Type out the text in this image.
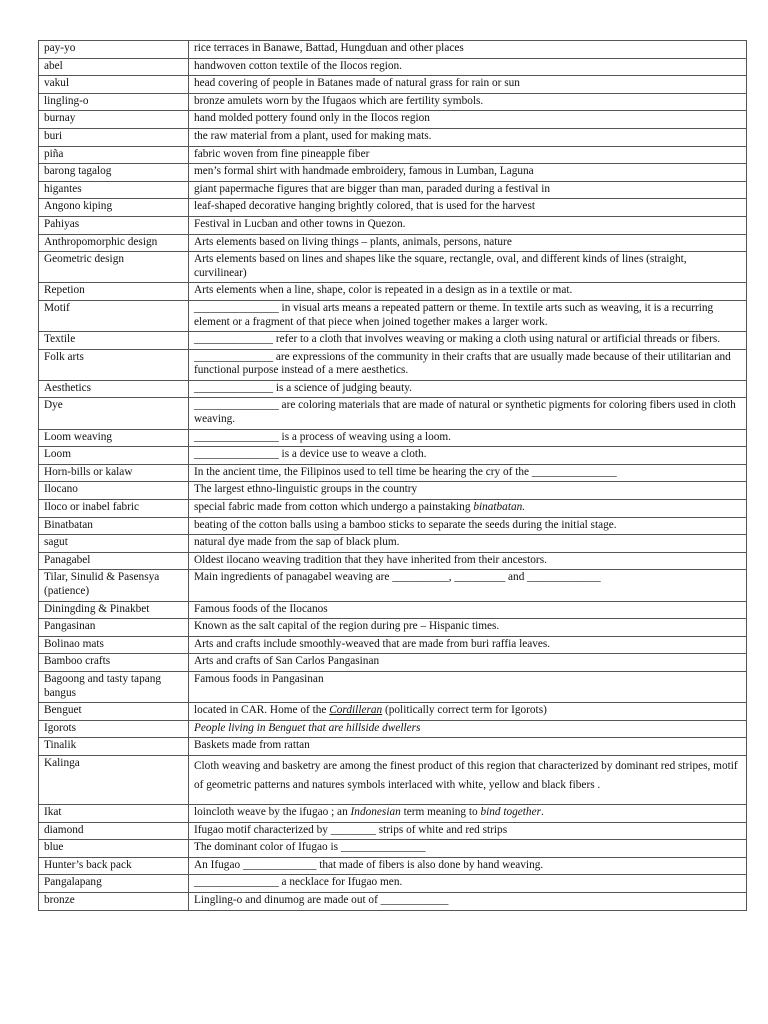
pay-yo	rice terraces in Banawe, Battad, Hungduan and other places
abel	handwoven cotton textile of the Ilocos region.
vakul	head covering of people in Batanes made of natural grass for rain or sun
lingling-o	bronze amulets worn by the Ifugaos which are fertility symbols.
burnay	hand molded pottery found only in the Ilocos region
buri	the raw material from a plant, used for making mats.
piña	fabric woven from fine pineapple fiber
barong tagalog	men’s formal shirt with handmade embroidery, famous in Lumban, Laguna
higantes	giant papermache figures that are bigger than man, paraded during a festival in
Angono kiping	leaf-shaped decorative hanging brightly colored, that is used for the harvest
Pahiyas	Festival in Lucban and other towns in Quezon.
Anthropomorphic design	Arts elements based on living things – plants, animals, persons, nature
Geometric design	Arts elements based on lines and shapes like the square, rectangle, oval, and different kinds of lines (straight, curvilinear)
Repetion	Arts elements when a line, shape, color is repeated in a design as in a textile or mat.
Motif	_______________ in visual arts means a repeated pattern or theme. In textile arts such as weaving, it is a recurring element or a fragment of that piece when joined together makes a larger work.
Textile	______________ refer to a cloth that involves weaving or making a cloth using natural or artificial threads or fibers.
Folk arts	______________ are expressions of the community in their crafts that are usually made because of their utilitarian and functional purpose instead of a mere aesthetics.
Aesthetics	______________ is a science of judging beauty.
Dye	_______________ are coloring materials that are made of natural or synthetic pigments for coloring fibers used in cloth weaving.
Loom weaving	_______________ is a process of weaving using a loom.
Loom	_______________ is a device use to weave a cloth.
Horn-bills or kalaw	In the ancient time, the Filipinos used to tell time be hearing the cry of the _______________
Ilocano	The largest ethno-linguistic groups in the country
Iloco or inabel fabric	special fabric made from cotton which undergo a painstaking binatbatan.
Binatbatan	beating of the cotton balls using a bamboo sticks to separate the seeds during the initial stage.
sagut	natural dye made from the sap of black plum.
Panagabel	Oldest ilocano weaving tradition that they have inherited from their ancestors.
Tilar, Sinulid & Pasensya (patience)	Main ingredients of panagabel weaving are __________, _________ and _____________
Diningding & Pinakbet	Famous foods of the Ilocanos
Pangasinan	Known as the salt capital of the region during pre – Hispanic times.
Bolinao mats	Arts and crafts include smoothly-weaved that are made from buri raffia leaves.
Bamboo crafts	Arts and crafts of San Carlos Pangasinan
Bagoong and tasty tapang bangus	Famous foods in Pangasinan
Benguet	located in CAR. Home of the Cordilleran (politically correct term for Igorots)
Igorots	People living in Benguet that are hillside dwellers
Tinalik	Baskets made from rattan
Kalinga	Cloth weaving and basketry are among the finest product of this region that characterized by dominant red stripes, motif of geometric patterns and natures symbols interlaced with white, yellow and black fibers .
Ikat	loincloth weave by the ifugao ; an Indonesian term meaning to bind together.
diamond	Ifugao motif characterized by ________ strips of white and red strips
blue	The dominant color of Ifugao is _______________
Hunter’s back pack	An Ifugao _____________ that made of fibers is also done by hand weaving.
Pangalapang	_______________ a necklace for Ifugao men.
bronze	Lingling-o and dinumog are made out of ____________
